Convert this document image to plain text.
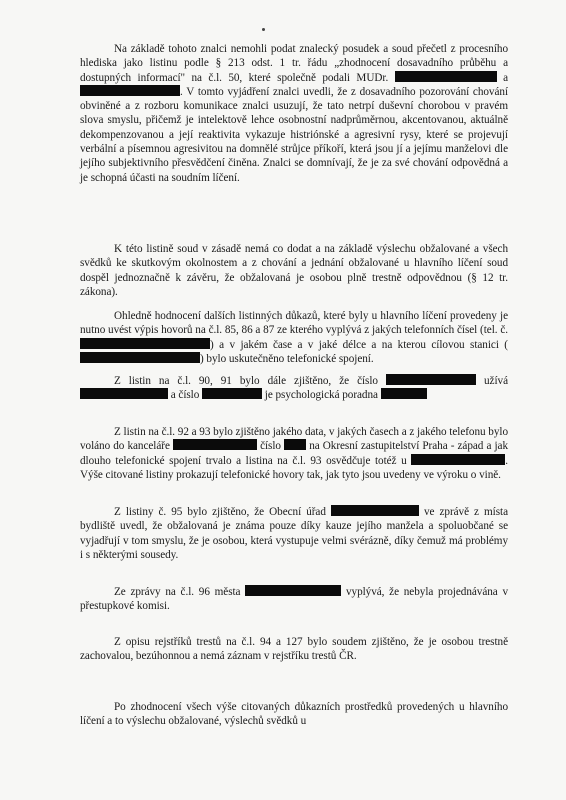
Na základě tohoto znalci nemohli podat znalecký posudek a soud přečetl z procesního hlediska jako listinu podle § 213 odst. 1 tr. řádu „zhodnocení dosavadního průběhu a dostupných informací" na č.l. 50, které společně podali MUDr.	a . V tomto vyjádření znalci uvedli, že z dosavadního pozorování chování obviněné a z rozboru komunikace znalci usuzují, že tato netrpí duševní chorobou v pravém slova smyslu, přičemž je intelektově lehce osobnostní nadprůměrnou, akcentovanou, aktuálně dekompenzovanou a její reaktivita vykazuje histriónské a agresivní rysy, které se projevují verbální a písemnou agresivitou na domnělé strůjce příkoří, která jsou jí a jejímu manželovi dle jejího subjektivního přesvědčení činěna. Znalci se domnívají, že je za své chování odpovědná a je schopná účasti na soudním líčení.

K této listině soud v zásadě nemá co dodat a na základě výslechu obžalované a všech svědků ke skutkovým okolnostem a z chování a jednání obžalované u hlavního líčení soud dospěl jednoznačně k závěru, že obžalovaná je osobou plně trestně odpovědnou (§ 12 tr. zákona).

Ohledně hodnocení dalších listinných důkazů, které byly u hlavního líčení provedeny je nutno uvést výpis hovorů na č.l. 85, 86 a 87 ze kterého vyplývá z jakých telefonních čísel (tel. č. ) a v jakém čase a v jaké délce a na kterou cílovou stanici () bylo uskutečněno telefonické spojení.

Z listin na č.l. 90, 91 bylo dále zjištěno, že číslo	užívá  a číslo	je psychologická poradna

Z listin na č.l. 92 a 93 bylo zjištěno jakého data, v jakých časech a z jakého telefonu bylo voláno do kanceláře	číslo  na Okresní zastupitelství Praha - západ a jak dlouho telefonické spojení trvalo a listina na č.l. 93 osvědčuje totéž u	. Výše citované listiny prokazují telefonické hovory tak, jak tyto jsou uvedeny ve výroku o vině.

Z listiny č. 95 bylo zjištěno, že Obecní úřad	ve zprávě z místa bydliště uvedl, že obžalovaná je známa pouze díky kauze jejího manžela a spoluobčané se vyjadřují v tom smyslu, že je osobou, která vystupuje velmi svérázně, díky čemuž má problémy i s některými sousedy.

Ze zprávy na č.l. 96 města	vyplývá, že nebyla projednávána v přestupkové komisi.

Z opisu rejstříků trestů na č.l. 94 a 127 bylo soudem zjištěno, že je osobou trestně zachovalou, bezúhonnou a nemá záznam v rejstříku trestů ČR.

Po zhodnocení všech výše citovaných důkazních prostředků provedených u hlavního líčení a to výslechu obžalované, výslechů svědků u
